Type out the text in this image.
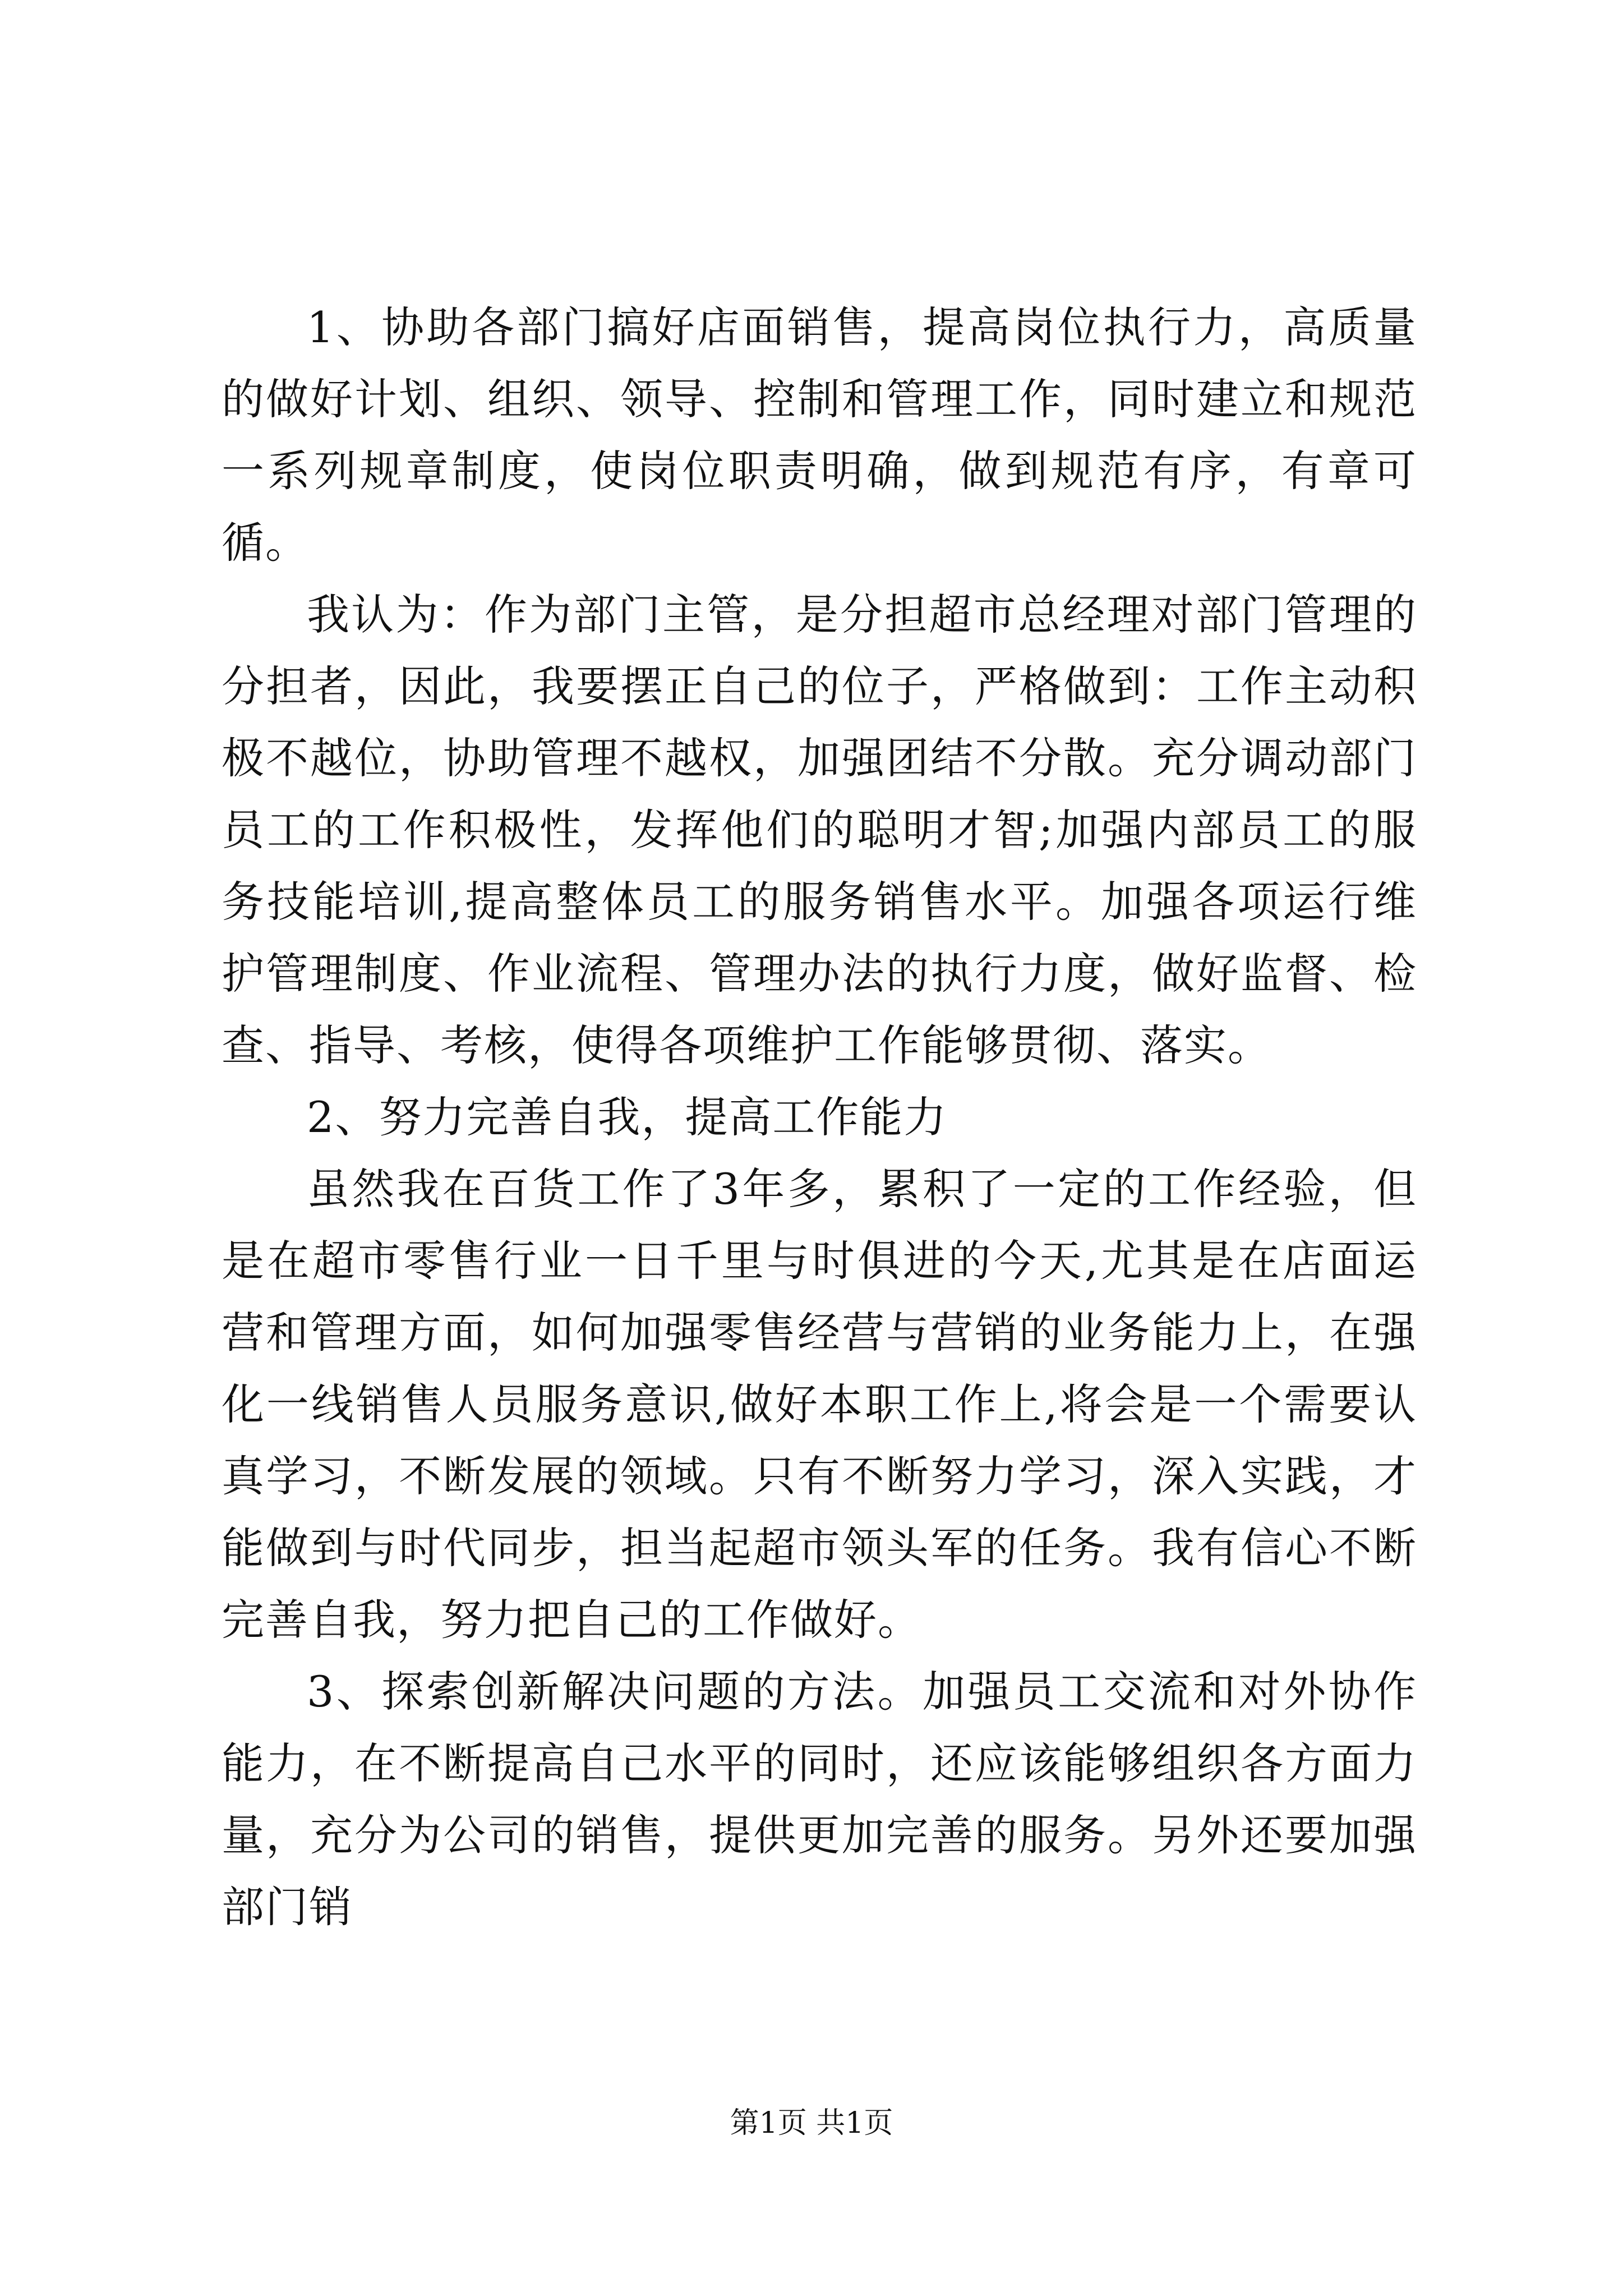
1、协助各部门搞好店面销售，提高岗位执行力，高质量的做好计划、组织、领导、控制和管理工作，同时建立和规范一系列规章制度，使岗位职责明确，做到规范有序，有章可循。

我认为：作为部门主管，是分担超市总经理对部门管理的分担者，因此，我要摆正自己的位子，严格做到：工作主动积极不越位，协助管理不越权，加强团结不分散。充分调动部门员工的工作积极性，发挥他们的聪明才智;加强内部员工的服务技能培训,提高整体员工的服务销售水平。加强各项运行维护管理制度、作业流程、管理办法的执行力度，做好监督、检查、指导、考核，使得各项维护工作能够贯彻、落实。

2、努力完善自我，提高工作能力

虽然我在百货工作了3年多，累积了一定的工作经验，但是在超市零售行业一日千里与时俱进的今天,尤其是在店面运营和管理方面，如何加强零售经营与营销的业务能力上，在强化一线销售人员服务意识,做好本职工作上,将会是一个需要认真学习，不断发展的领域。只有不断努力学习，深入实践，才能做到与时代同步，担当起超市领头军的任务。我有信心不断完善自我，努力把自己的工作做好。

3、探索创新解决问题的方法。加强员工交流和对外协作能力，在不断提高自己水平的同时，还应该能够组织各方面力量，充分为公司的销售，提供更加完善的服务。另外还要加强部门销

第1页 共1页
